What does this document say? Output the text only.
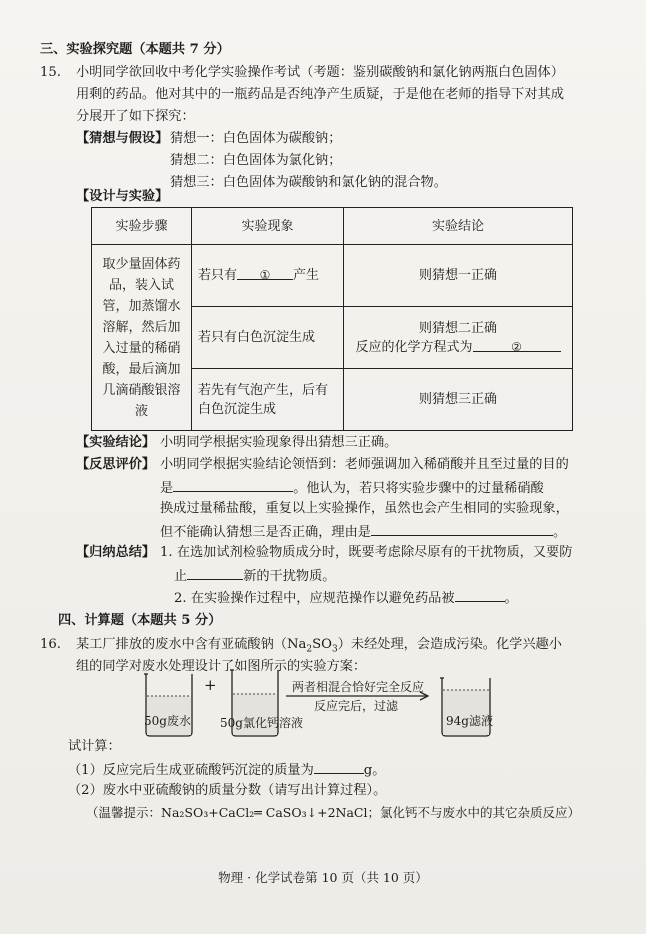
三、实验探究题（本题共 7 分）
15. 小明同学欲回收中考化学实验操作考试（考题：鉴别碳酸钠和氯化钠两瓶白色固体）
用剩的药品。他对其中的一瓶药品是否纯净产生质疑，于是他在老师的指导下对其成
分展开了如下探究：
【猜想与假设】 猜想一：白色固体为碳酸钠；
猜想二：白色固体为氯化钠；
猜想三：白色固体为碳酸钠和氯化钠的混合物。
【设计与实验】
实验步骤	实验现象	实验结论

取少量固体药品，装入试管，加蒸馏水溶解，然后加入过量的稀硝酸，最后滴加几滴硝酸银溶液	若只有 ① 产生	则猜想一正确
	若只有白色沉淀生成	则猜想二正确
反应的化学方程式为 ②

	若先有气泡产生，后有白色沉淀生成	则猜想三正确
【实验结论】 小明同学根据实验现象得出猜想三正确。
【反思评价】 小明同学根据实验结论领悟到：老师强调加入稀硝酸并且至过量的目的
是	。他认为，若只将实验步骤中的过量稀硝酸
换成过量稀盐酸，重复以上实验操作，虽然也会产生相同的实验现象，
但不能确认猜想三是否正确，理由是	。
【归纳总结】 1. 在选加试剂检验物质成分时，既要考虑除尽原有的干扰物质，又要防
止	新的干扰物质。
2. 在实验操作过程中，应规范操作以避免药品被	。
四、计算题（本题共 5 分）
16. 某工厂排放的废水中含有亚硫酸钠$(Na_2SO_3)$未经处理，会造成污染。化学兴趣小
组的同学对废水处理设计了如图所示的实验方案：
+	两者相混合恰好完全反应
反应完后，过滤
50g废水 50g氯化钙溶液	94g滤液
试计算：
（1）反应完后生成亚硫酸钙沉淀的质量为	g。
（2）废水中亚硫酸钠的质量分数（请写出计算过程）。
（温馨提示：Na₂SO₃+CaCl₂═ CaSO₃↓+2NaCl；氯化钙不与废水中的其它杂质反应）
物理 · 化学试卷第 10 页（共 10 页）
